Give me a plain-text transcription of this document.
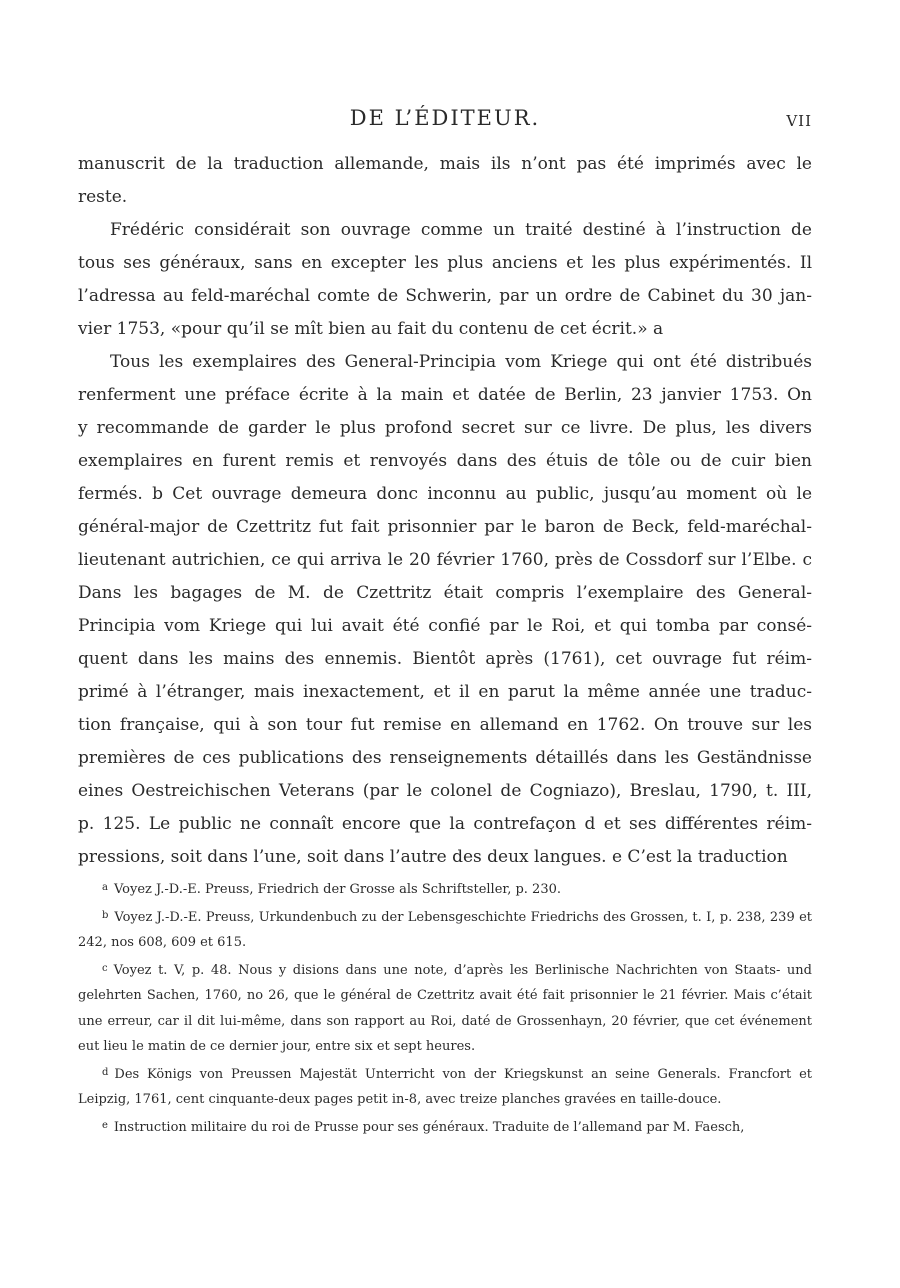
DE L’ÉDITEUR.	VII

manuscrit de la traduction allemande, mais ils n’ont pas été imprimés avec le
reste.

Frédéric considérait son ouvrage comme un traité destiné à l’instruction de
tous ses généraux, sans en excepter les plus anciens et les plus expérimentés. Il
l’adressa au feld-maréchal comte de Schwerin, par un ordre de Cabinet du 30 jan-
vier 1753, «pour qu’il se mît bien au fait du contenu de cet écrit.» a

Tous les exemplaires des General-Principia vom Kriege qui ont été distribués
renferment une préface écrite à la main et datée de Berlin, 23 janvier 1753. On
y recommande de garder le plus profond secret sur ce livre. De plus, les divers
exemplaires en furent remis et renvoyés dans des étuis de tôle ou de cuir bien
fermés. b Cet ouvrage demeura donc inconnu au public, jusqu’au moment où le
général-major de Czettritz fut fait prisonnier par le baron de Beck, feld-maréchal-
lieutenant autrichien, ce qui arriva le 20 février 1760, près de Cossdorf sur l’Elbe. c
Dans les bagages de M. de Czettritz était compris l’exemplaire des General-
Principia vom Kriege qui lui avait été confié par le Roi, et qui tomba par consé-
quent dans les mains des ennemis. Bientôt après (1761), cet ouvrage fut réim-
primé à l’étranger, mais inexactement, et il en parut la même année une traduc-
tion française, qui à son tour fut remise en allemand en 1762. On trouve sur les
premières de ces publications des renseignements détaillés dans les Geständnisse
eines Oestreichischen Veterans (par le colonel de Cogniazo), Breslau, 1790, t. III,
p. 125. Le public ne connaît encore que la contrefaçon d et ses différentes réim-
pressions, soit dans l’une, soit dans l’autre des deux langues. e C’est la traduction

$^a$ Voyez J.-D.-E. Preuss, Friedrich der Grosse als Schriftsteller, p. 230.

$^b$ Voyez J.-D.-E. Preuss, Urkundenbuch zu der Lebensgeschichte Friedrichs des Grossen, t. I, p. 238, 239 et 242, nos 608, 609 et 615.

$^c$ Voyez t. V, p. 48. Nous y disions dans une note, d’après les Berlinische Nachrichten von Staats- und gelehrten Sachen, 1760, no 26, que le général de Czettritz avait été fait prisonnier le 21 février. Mais c’était une erreur, car il dit lui-même, dans son rapport au Roi, daté de Grossenhayn, 20 février, que cet événement eut lieu le matin de ce dernier jour, entre six et sept heures.

$^d$ Des Königs von Preussen Majestät Unterricht von der Kriegskunst an seine Generals. Francfort et Leipzig, 1761, cent cinquante-deux pages petit in-8, avec treize planches gravées en taille-douce.

$^e$ Instruction militaire du roi de Prusse pour ses généraux. Traduite de l’allemand par M. Faesch,
